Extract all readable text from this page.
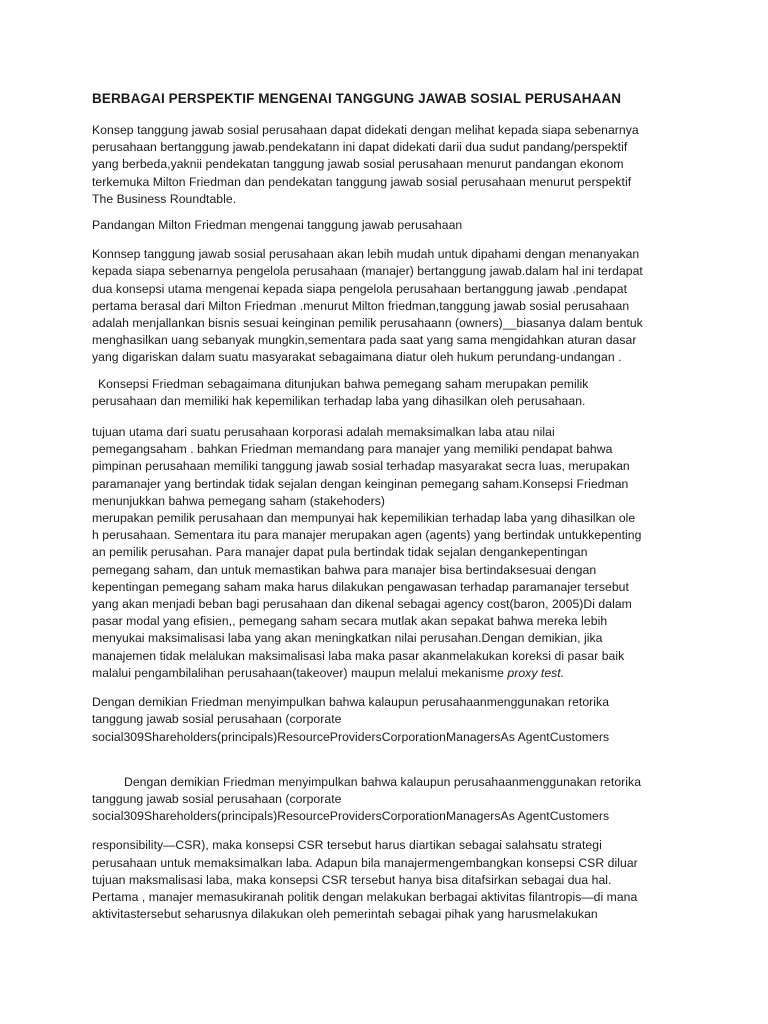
BERBAGAI PERSPEKTIF MENGENAI TANGGUNG JAWAB SOSIAL PERUSAHAAN

Konsep tanggung jawab sosial perusahaan dapat didekati dengan melihat kepada siapa sebenarnya
perusahaan bertanggung jawab.pendekatann ini dapat didekati darii dua sudut pandang/perspektif
yang berbeda,yaknii pendekatan tanggung jawab sosial perusahaan menurut pandangan ekonom
terkemuka Milton Friedman dan pendekatan tanggung jawab sosial perusahaan menurut perspektif
The Business Roundtable.

Pandangan Milton Friedman mengenai tanggung jawab perusahaan

Konnsep tanggung jawab sosial perusahaan akan lebih mudah untuk dipahami dengan menanyakan
kepada siapa sebenarnya pengelola perusahaan (manajer) bertanggung jawab.dalam hal ini terdapat
dua konsepsi utama mengenai kepada siapa pengelola perusahaan bertanggung jawab .pendapat
pertama berasal dari Milton Friedman .menurut Milton friedman,tanggung jawab sosial perusahaan
adalah menjallankan bisnis sesuai keinginan pemilik perusahaann (owners)__biasanya dalam bentuk
menghasilkan uang sebanyak mungkin,sementara pada saat yang sama mengidahkan aturan dasar
yang digariskan dalam suatu masyarakat sebagaimana diatur oleh hukum perundang-undangan .

Konsepsi Friedman sebagaimana ditunjukan bahwa pemegang saham merupakan pemilik
perusahaan dan memiliki hak kepemilikan terhadap laba yang dihasilkan oleh perusahaan.

tujuan utama dari suatu perusahaan korporasi adalah memaksimalkan laba atau nilai
pemegangsaham . bahkan Friedman memandang para manajer yang memiliki pendapat bahwa
pimpinan perusahaan memiliki tanggung jawab sosial terhadap masyarakat secra luas, merupakan
paramanajer yang bertindak tidak sejalan dengan keinginan pemegang saham.Konsepsi Friedman
menunjukkan bahwa pemegang saham (stakehoders)
merupakan pemilik perusahaan dan mempunyai hak kepemilikian terhadap laba yang dihasilkan ole
h perusahaan. Sementara itu para manajer merupakan agen (agents) yang bertindak untukkepenting
an pemilik perusahan. Para manajer dapat pula bertindak tidak sejalan dengankepentingan
pemegang saham, dan untuk memastikan bahwa para manajer bisa bertindaksesuai dengan
kepentingan pemegang saham maka harus dilakukan pengawasan terhadap paramanajer tersebut
yang akan menjadi beban bagi perusahaan dan dikenal sebagai agency cost(baron, 2005)Di dalam
pasar modal yang efisien,, pemegang saham secara mutlak akan sepakat bahwa mereka lebih
menyukai maksimalisasi laba yang akan meningkatkan nilai perusahan.Dengan demikian, jika
manajemen tidak melalukan maksimalisasi laba maka pasar akanmelakukan koreksi di pasar baik
malalui pengambilalihan perusahaan(takeover) maupun melalui mekanisme proxy test.

Dengan demikian Friedman menyimpulkan bahwa kalaupun perusahaanmenggunakan retorika
tanggung jawab sosial perusahaan (corporate
social309Shareholders(principals)ResourceProvidersCorporationManagersAs AgentCustomers

Dengan demikian Friedman menyimpulkan bahwa kalaupun perusahaanmenggunakan retorika
tanggung jawab sosial perusahaan (corporate
social309Shareholders(principals)ResourceProvidersCorporationManagersAs AgentCustomers

responsibility—CSR), maka konsepsi CSR tersebut harus diartikan sebagai salahsatu strategi
perusahaan untuk memaksimalkan laba. Adapun bila manajermengembangkan konsepsi CSR diluar
tujuan maksmalisasi laba, maka konsepsi CSR tersebut hanya bisa ditafsirkan sebagai dua hal.
Pertama , manajer memasukiranah politik dengan melakukan berbagai aktivitas filantropis—di mana
aktivitastersebut seharusnya dilakukan oleh pemerintah sebagai pihak yang harusmelakukan
